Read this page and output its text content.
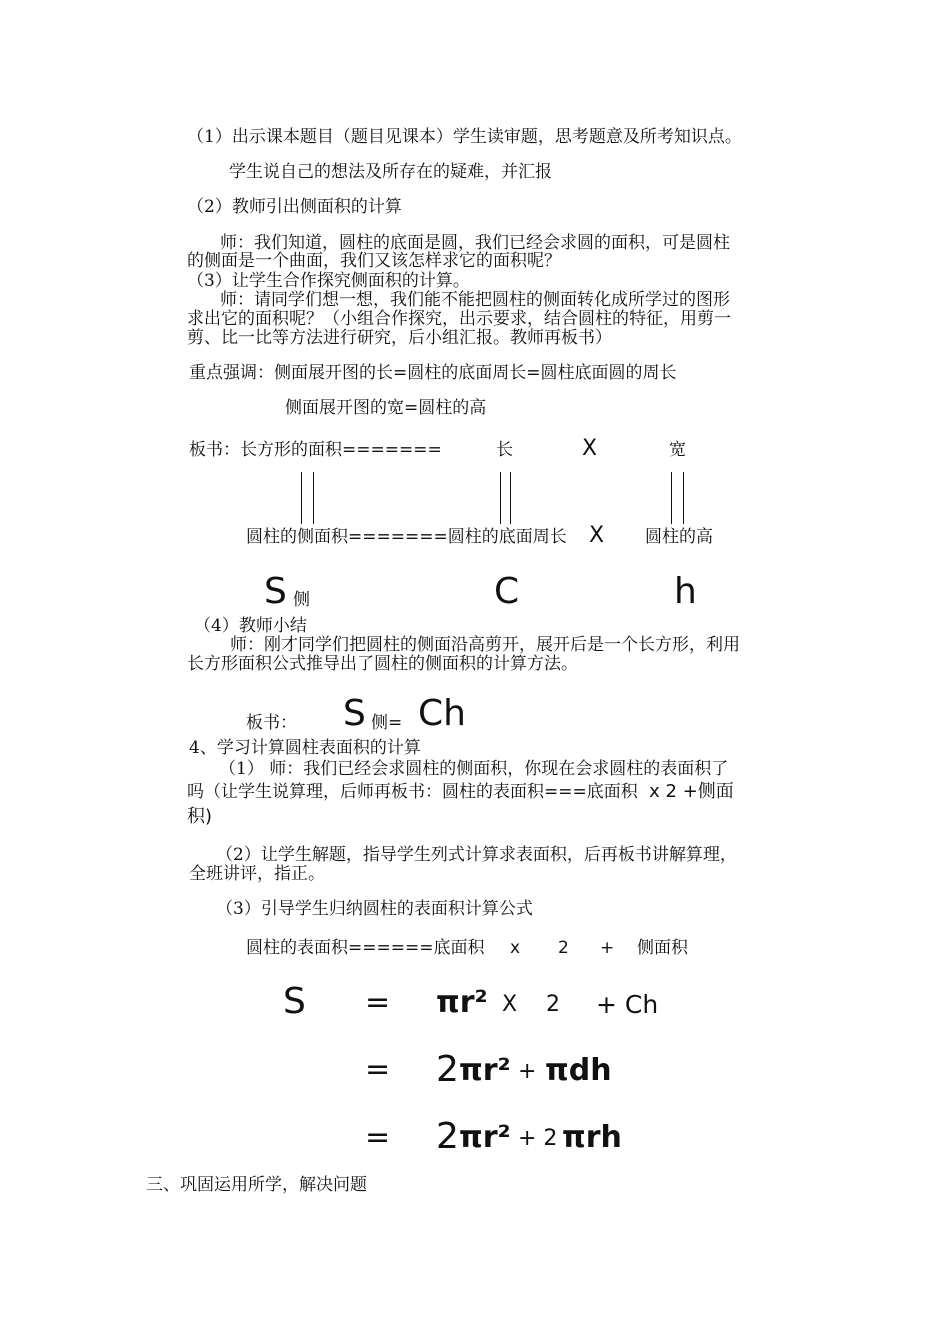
（1）出示课本题目（题目见课本）学生读审题，思考题意及所考知识点。
学生说自己的想法及所存在的疑难，并汇报
（2）教师引出侧面积的计算
师：我们知道，圆柱的底面是圆，我们已经会求圆的面积，可是圆柱
的侧面是一个曲面，我们又该怎样求它的面积呢？
（3）让学生合作探究侧面积的计算。
师：请同学们想一想，我们能不能把圆柱的侧面转化成所学过的图形
求出它的面积呢？（小组合作探究，出示要求，结合圆柱的特征，用剪一
剪、比一比等方法进行研究，后小组汇报。教师再板书）
重点强调：侧面展开图的长=圆柱的底面周长=圆柱底面圆的周长
侧面展开图的宽=圆柱的高
板书：长方形的面积=======	长	X	宽
圆柱的侧面积=======圆柱的底面周长 X 圆柱的高
S 侧	C	h
（4）教师小结
师：刚才同学们把圆柱的侧面沿高剪开，展开后是一个长方形，利用
长方形面积公式推导出了圆柱的侧面积的计算方法。
板书： S 侧= Ch
4、学习计算圆柱表面积的计算
（1） 师：我们已经会求圆柱的侧面积，你现在会求圆柱的表面积了
吗（让学生说算理，后师再板书：圆柱的表面积===底面积 x 2 +侧面
积)
（2）让学生解题，指导学生列式计算求表面积，后再板书讲解算理，
全班讲评，指正。
（3）引导学生归纳圆柱的表面积计算公式
圆柱的表面积======底面积 x 2 + 侧面积
S = πr² X 2 + Ch
= 2 πr² + πdh
= 2 πr² + 2 πrh
三、巩固运用所学，解决问题
